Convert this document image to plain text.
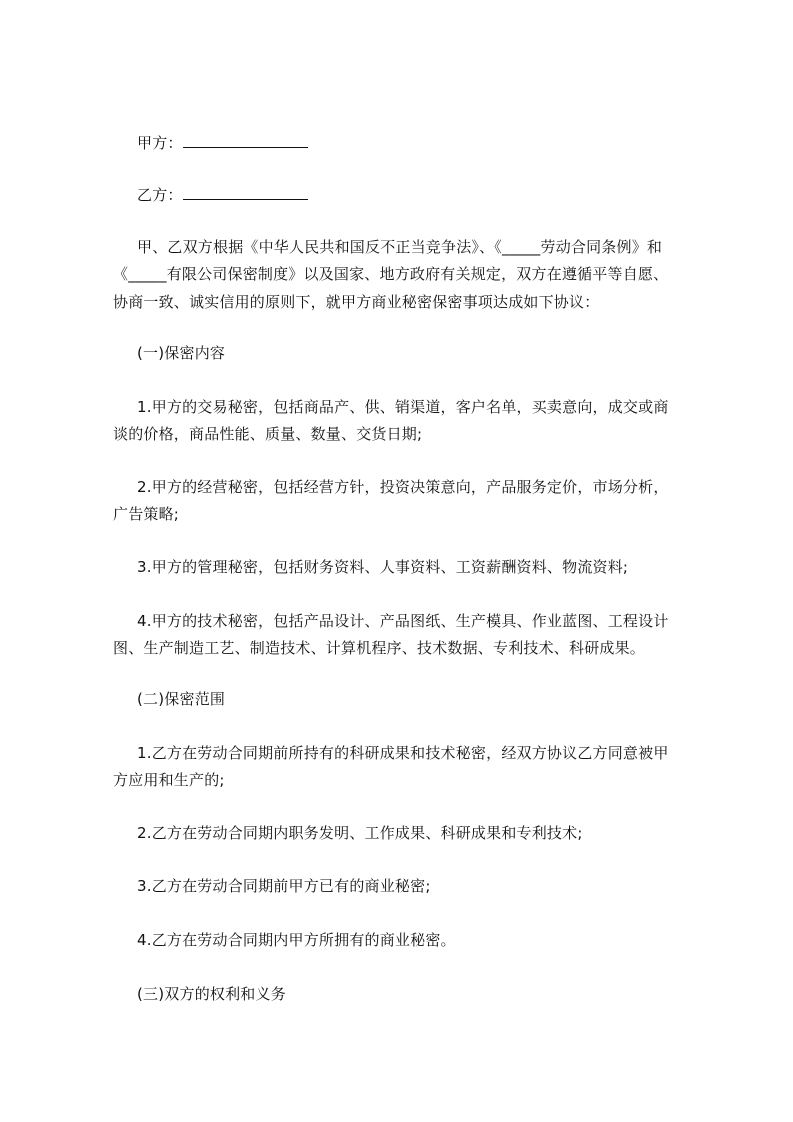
甲方：
乙方：
甲、乙双方根据《中华人民共和国反不正当竞争法》、《_____劳动合同条例》和
《_____有限公司保密制度》以及国家、地方政府有关规定，双方在遵循平等自愿、
协商一致、诚实信用的原则下，就甲方商业秘密保密事项达成如下协议：
(一)保密内容
1.甲方的交易秘密，包括商品产、供、销渠道，客户名单，买卖意向，成交或商
谈的价格，商品性能、质量、数量、交货日期;
2.甲方的经营秘密，包括经营方针，投资决策意向，产品服务定价，市场分析，
广告策略;
3.甲方的管理秘密，包括财务资料、人事资料、工资薪酬资料、物流资料;
4.甲方的技术秘密，包括产品设计、产品图纸、生产模具、作业蓝图、工程设计
图、生产制造工艺、制造技术、计算机程序、技术数据、专利技术、科研成果。
(二)保密范围
1.乙方在劳动合同期前所持有的科研成果和技术秘密，经双方协议乙方同意被甲
方应用和生产的;
2.乙方在劳动合同期内职务发明、工作成果、科研成果和专利技术;
3.乙方在劳动合同期前甲方已有的商业秘密;
4.乙方在劳动合同期内甲方所拥有的商业秘密。
(三)双方的权利和义务
